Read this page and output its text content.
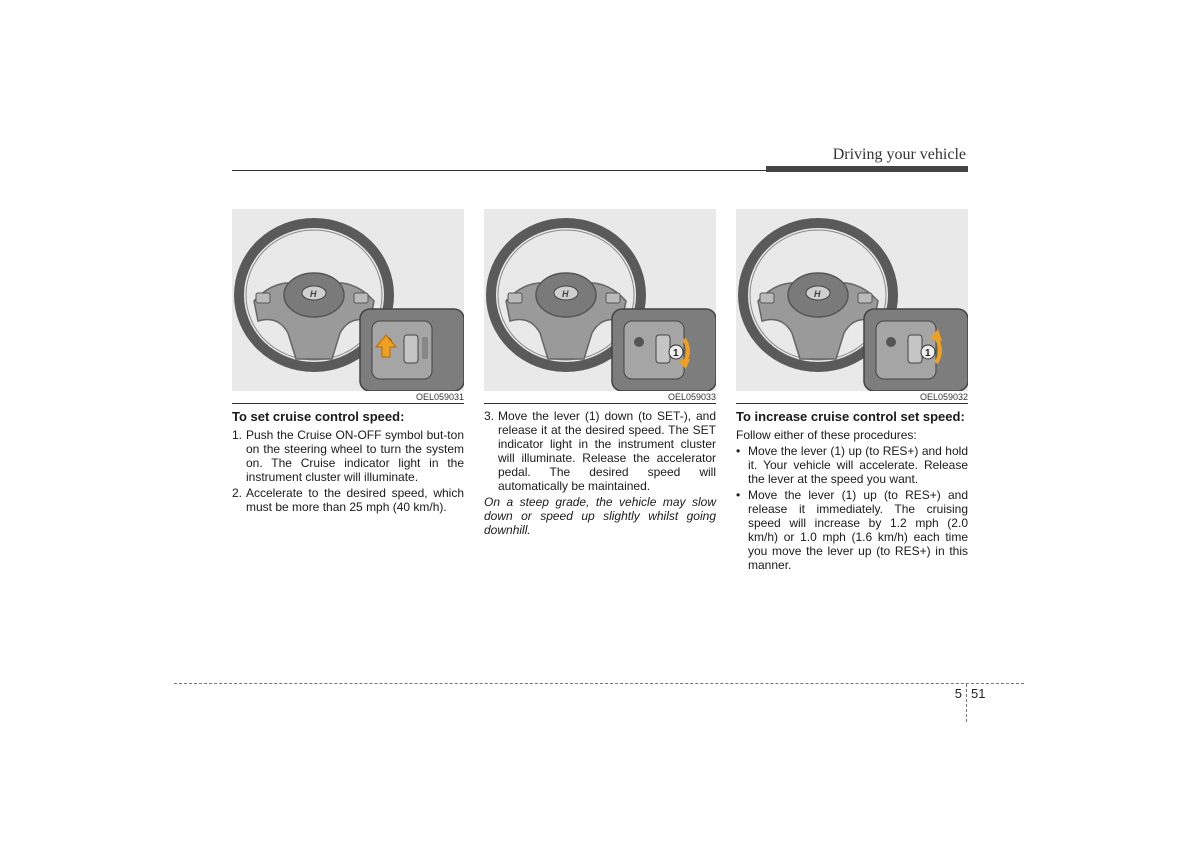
Driving your vehicle
H
OEL059031
To set cruise control speed:
1. Push the Cruise ON-OFF symbol but-ton on the steering wheel to turn the system on. The Cruise indicator light in the instrument cluster will illuminate.
2. Accelerate to the desired speed, which must be more than 25 mph (40 km/h).
H
1
OEL059033
3. Move the lever (1) down (to SET-), and release it at the desired speed. The SET indicator light in the instrument cluster will illuminate. Release the accelerator pedal. The desired speed will automatically be maintained.

On a steep grade, the vehicle may slow down or speed up slightly whilst going downhill.

H
1
OEL059032
To increase cruise control set speed:

Follow either of these procedures:

• Move the lever (1) up (to RES+) and hold it. Your vehicle will accelerate. Release the lever at the speed you want.
• Move the lever (1) up (to RES+) and release it immediately. The cruising speed will increase by 1.2 mph (2.0 km/h) or 1.0 mph (1.6 km/h) each time you move the lever up (to RES+) in this manner.
5 51
